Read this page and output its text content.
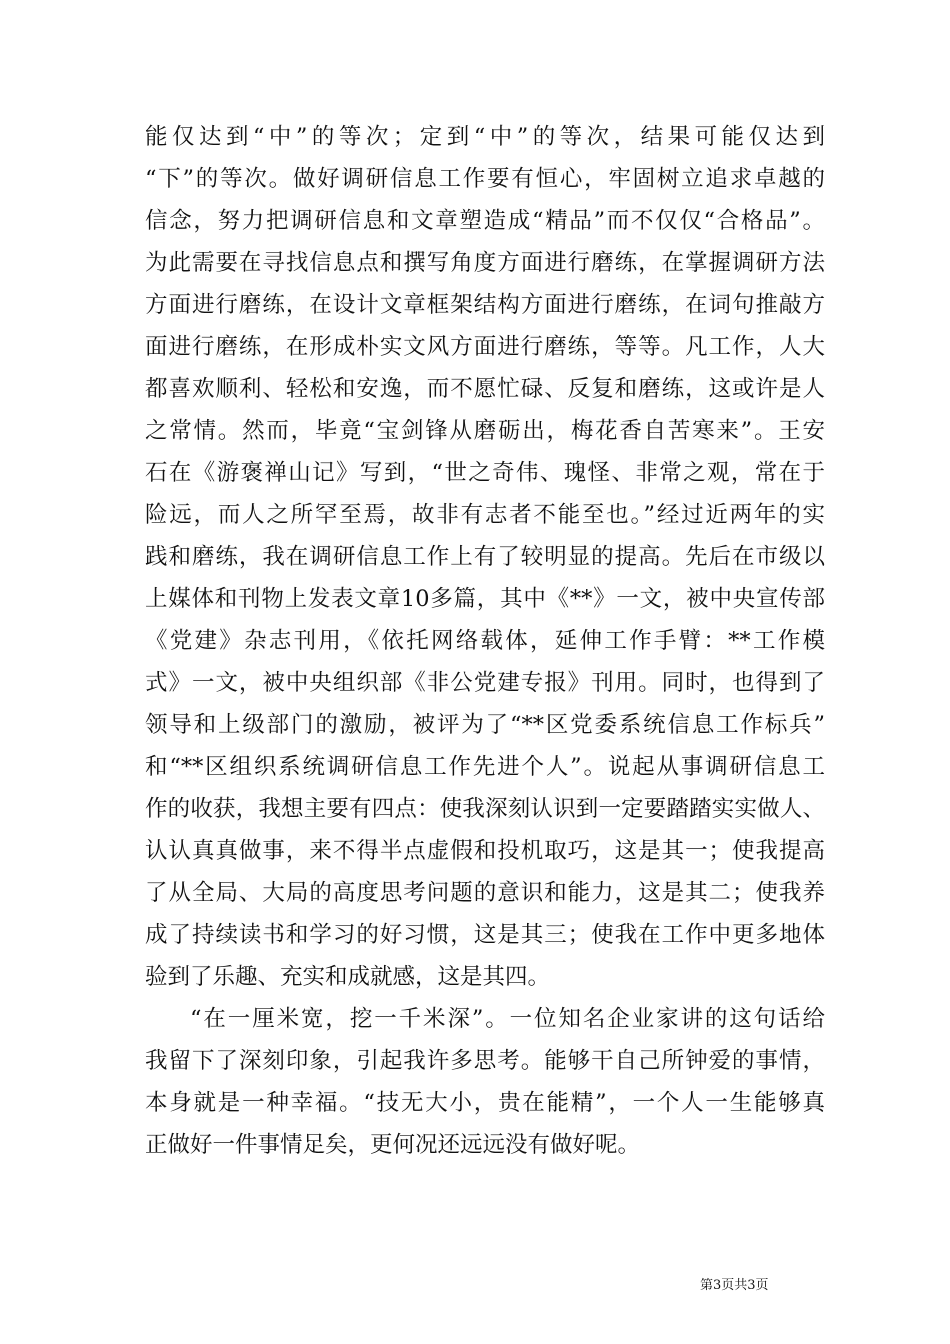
能仅达到“中”的等次；定到“中”的等次，结果可能仅达到
“下”的等次。做好调研信息工作要有恒心，牢固树立追求卓越的
信念，努力把调研信息和文章塑造成“精品”而不仅仅“合格品”。
为此需要在寻找信息点和撰写角度方面进行磨练，在掌握调研方法
方面进行磨练，在设计文章框架结构方面进行磨练，在词句推敲方
面进行磨练，在形成朴实文风方面进行磨练，等等。凡工作，人大
都喜欢顺利、轻松和安逸，而不愿忙碌、反复和磨练，这或许是人
之常情。然而，毕竟“宝剑锋从磨砺出，梅花香自苦寒来”。王安
石在《游褒禅山记》写到，“世之奇伟、瑰怪、非常之观，常在于
险远，而人之所罕至焉，故非有志者不能至也。”经过近两年的实
践和磨练，我在调研信息工作上有了较明显的提高。先后在市级以
上媒体和刊物上发表文章10多篇，其中《**》一文，被中央宣传部
《党建》杂志刊用，《依托网络载体，延伸工作手臂：**工作模
式》一文，被中央组织部《非公党建专报》刊用。同时，也得到了
领导和上级部门的激励，被评为了“**区党委系统信息工作标兵”
和“**区组织系统调研信息工作先进个人”。说起从事调研信息工
作的收获，我想主要有四点：使我深刻认识到一定要踏踏实实做人、
认认真真做事，来不得半点虚假和投机取巧，这是其一；使我提高
了从全局、大局的高度思考问题的意识和能力，这是其二；使我养
成了持续读书和学习的好习惯，这是其三；使我在工作中更多地体
验到了乐趣、充实和成就感，这是其四。
“在一厘米宽，挖一千米深”。一位知名企业家讲的这句话给
我留下了深刻印象，引起我许多思考。能够干自己所钟爱的事情，
本身就是一种幸福。“技无大小，贵在能精”，一个人一生能够真
正做好一件事情足矣，更何况还远远没有做好呢。
第3页共3页
